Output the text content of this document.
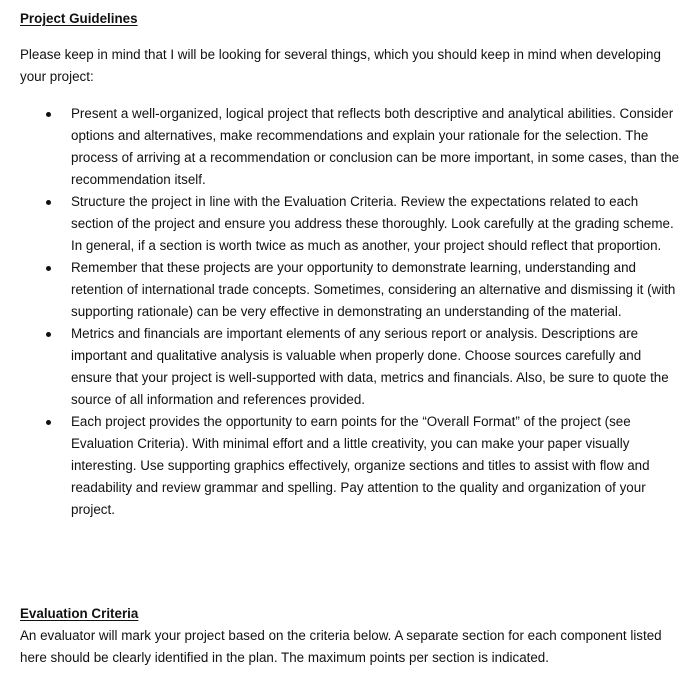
Project Guidelines

Please keep in mind that I will be looking for several things, which you should keep in mind when developing your project:

Present a well-organized, logical project that reflects both descriptive and analytical abilities. Consider options and alternatives, make recommendations and explain your rationale for the selection. The process of arriving at a recommendation or conclusion can be more important, in some cases, than the recommendation itself.
Structure the project in line with the Evaluation Criteria. Review the expectations related to each section of the project and ensure you address these thoroughly. Look carefully at the grading scheme. In general, if a section is worth twice as much as another, your project should reflect that proportion.
Remember that these projects are your opportunity to demonstrate learning, understanding and retention of international trade concepts. Sometimes, considering an alternative and dismissing it (with supporting rationale) can be very effective in demonstrating an understanding of the material.
Metrics and financials are important elements of any serious report or analysis. Descriptions are important and qualitative analysis is valuable when properly done. Choose sources carefully and ensure that your project is well-supported with data, metrics and financials. Also, be sure to quote the source of all information and references provided.
Each project provides the opportunity to earn points for the “Overall Format” of the project (see Evaluation Criteria). With minimal effort and a little creativity, you can make your paper visually interesting. Use supporting graphics effectively, organize sections and titles to assist with flow and readability and review grammar and spelling. Pay attention to the quality and organization of your project.
Evaluation Criteria

An evaluator will mark your project based on the criteria below. A separate section for each component listed here should be clearly identified in the plan. The maximum points per section is indicated.
